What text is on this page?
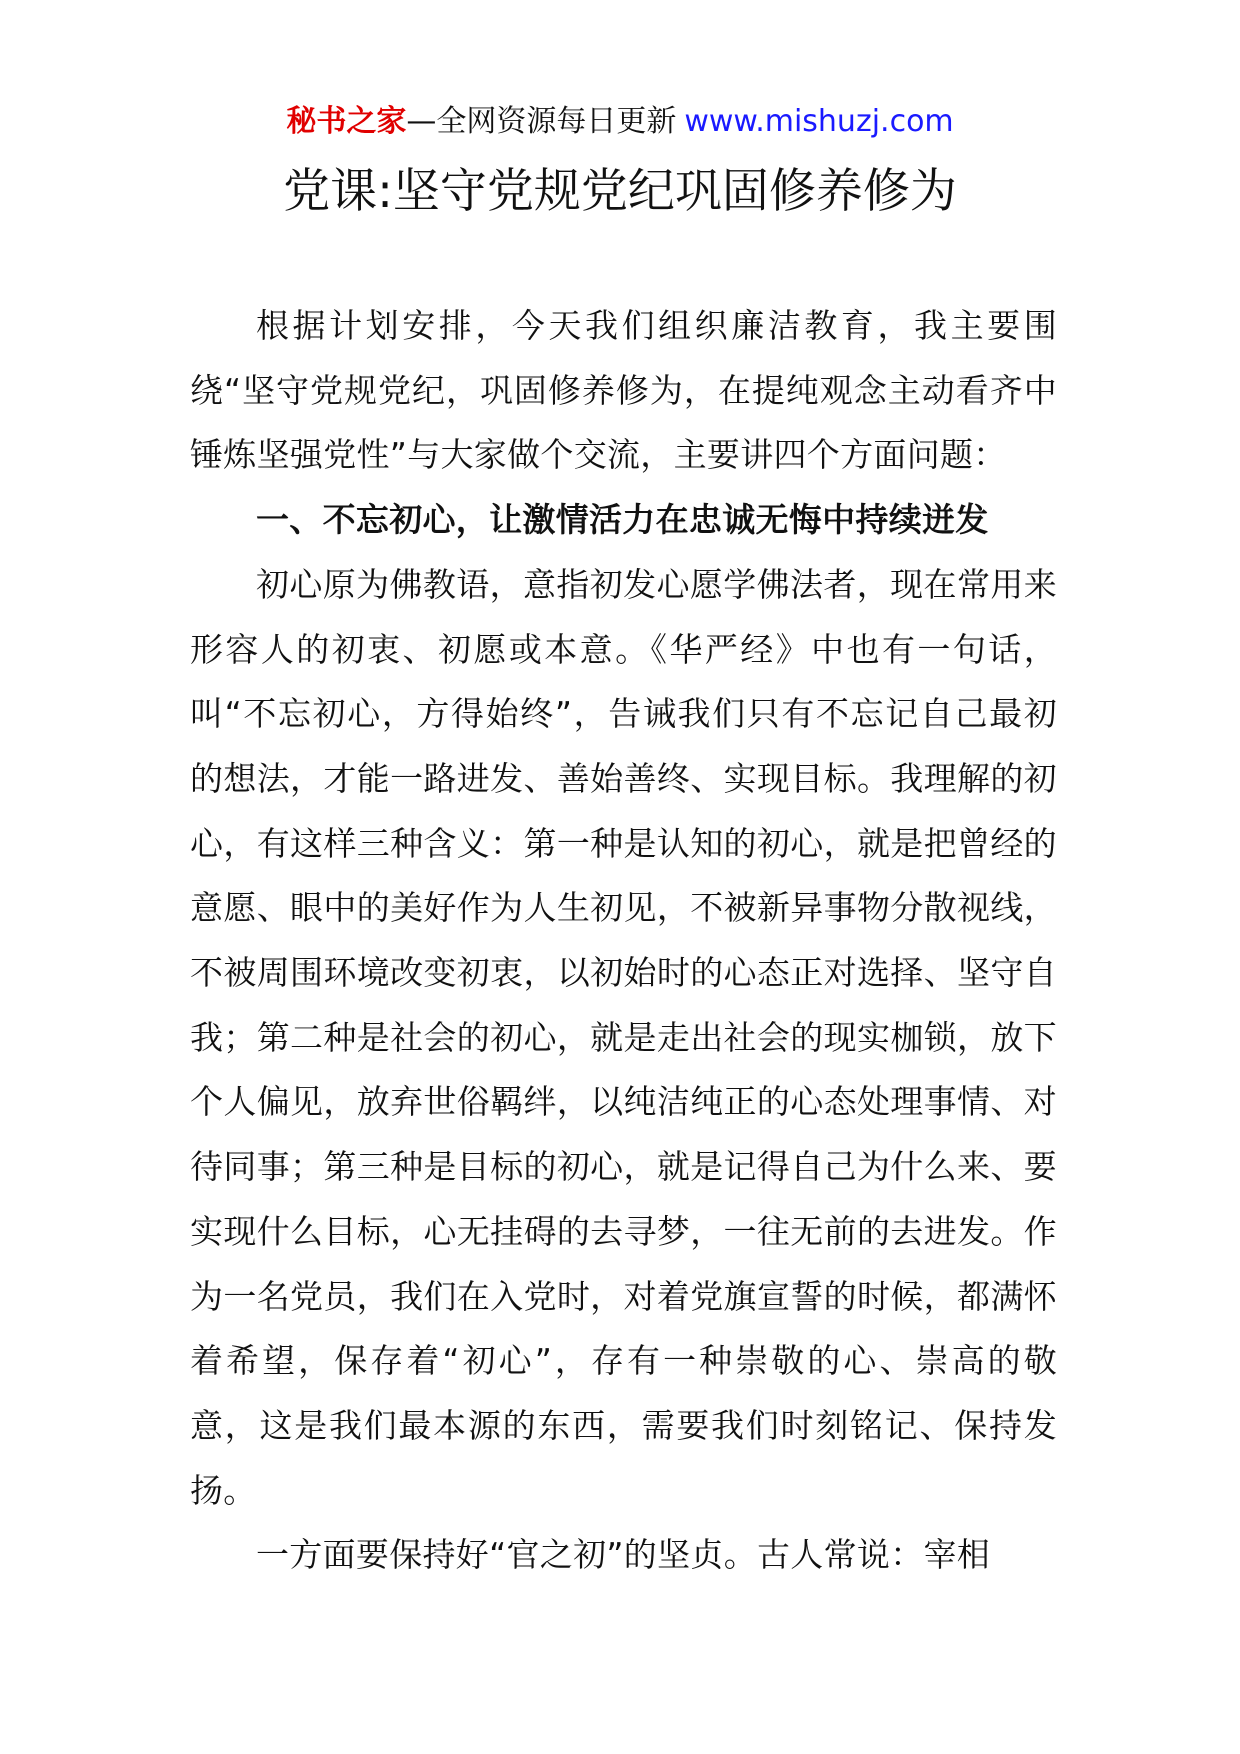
秘书之家—全网资源每日更新 www.mishuzj.com
党课:坚守党规党纪巩固修养修为

根据计划安排，今天我们组织廉洁教育，我主要围绕“坚守党规党纪，巩固修养修为，在提纯观念主动看齐中锤炼坚强党性”与大家做个交流，主要讲四个方面问题：

一、不忘初心，让激情活力在忠诚无悔中持续迸发

初心原为佛教语，意指初发心愿学佛法者，现在常用来形容人的初衷、初愿或本意。《华严经》中也有一句话，叫“不忘初心，方得始终”，告诫我们只有不忘记自己最初的想法，才能一路进发、善始善终、实现目标。我理解的初心，有这样三种含义：第一种是认知的初心，就是把曾经的意愿、眼中的美好作为人生初见，不被新异事物分散视线，不被周围环境改变初衷，以初始时的心态正对选择、坚守自我；第二种是社会的初心，就是走出社会的现实枷锁，放下个人偏见，放弃世俗羁绊，以纯洁纯正的心态处理事情、对待同事；第三种是目标的初心，就是记得自己为什么来、要实现什么目标，心无挂碍的去寻梦，一往无前的去进发。作为一名党员，我们在入党时，对着党旗宣誓的时候，都满怀着希望，保存着“初心”，存有一种崇敬的心、崇高的敬意，这是我们最本源的东西，需要我们时刻铭记、保持发扬。

一方面要保持好“官之初”的坚贞。古人常说：宰相
